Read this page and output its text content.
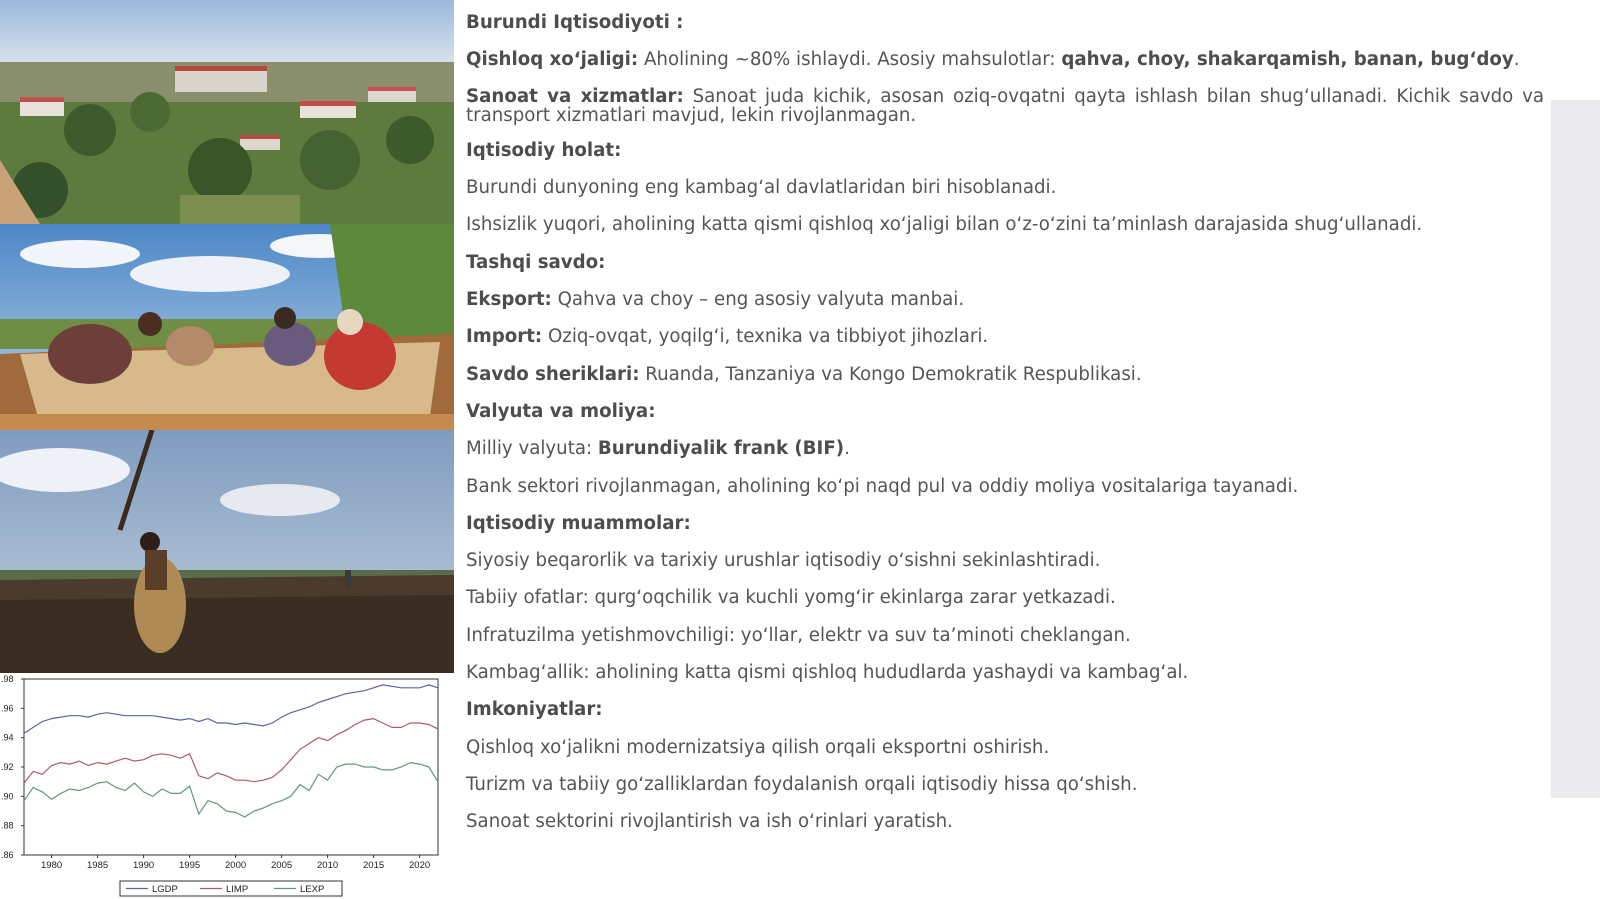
.86
.88
.90
.92
.94
.96
.98
1980	1985	1990	1995	2000	2005	2010	2015	2020
LGDP	LIMP	LEXP
Burundi Iqtisodiyoti :
Qishloq xo‘jaligi: Aholining ~80% ishlaydi. Asosiy mahsulotlar: qahva, choy, shakarqamish, banan, bug‘doy.
Sanoat va xizmatlar: Sanoat juda kichik, asosan oziq-ovqatni qayta ishlash bilan shug‘ullanadi. Kichik savdo va transport xizmatlari mavjud, lekin rivojlanmagan.
Iqtisodiy holat:
Burundi dunyoning eng kambag‘al davlatlaridan biri hisoblanadi.
Ishsizlik yuqori, aholining katta qismi qishloq xo‘jaligi bilan o‘z-o‘zini ta’minlash darajasida shug‘ullanadi.
Tashqi savdo:
Eksport: Qahva va choy – eng asosiy valyuta manbai.
Import: Oziq-ovqat, yoqilg‘i, texnika va tibbiyot jihozlari.
Savdo sheriklari: Ruanda, Tanzaniya va Kongo Demokratik Respublikasi.
Valyuta va moliya:
Milliy valyuta: Burundiyalik frank (BIF).
Bank sektori rivojlanmagan, aholining ko‘pi naqd pul va oddiy moliya vositalariga tayanadi.
Iqtisodiy muammolar:
Siyosiy beqarorlik va tarixiy urushlar iqtisodiy o‘sishni sekinlashtiradi.
Tabiiy ofatlar: qurg‘oqchilik va kuchli yomg‘ir ekinlarga zarar yetkazadi.
Infratuzilma yetishmovchiligi: yo‘llar, elektr va suv ta’minoti cheklangan.
Kambag‘allik: aholining katta qismi qishloq hududlarda yashaydi va kambag‘al.
Imkoniyatlar:
Qishloq xo‘jalikni modernizatsiya qilish orqali eksportni oshirish.
Turizm va tabiiy go‘zalliklardan foydalanish orqali iqtisodiy hissa qo‘shish.
Sanoat sektorini rivojlantirish va ish o‘rinlari yaratish.
